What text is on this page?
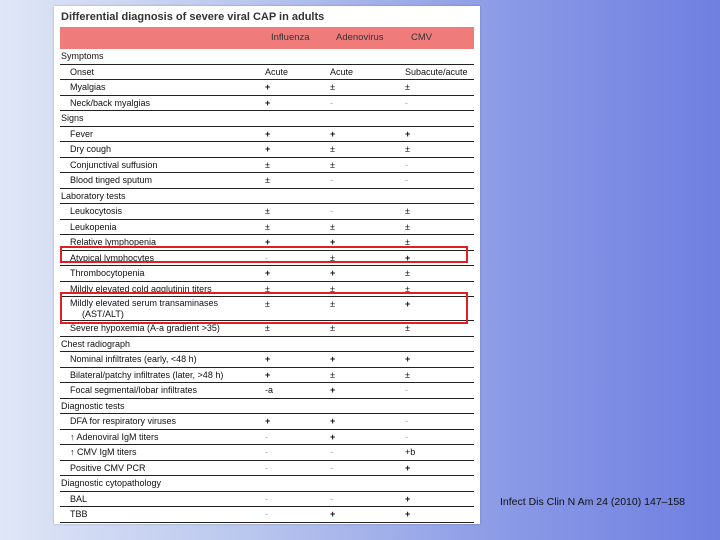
Differential diagnosis of severe viral CAP in adults
Influenza	Adenovirus	CMV
Symptoms
Onset	Acute	Acute	Subacute/acute
Myalgias	+	±	±
Neck/back myalgias	+	-	-
Signs
Fever	+	+	+
Dry cough	+	±	±
Conjunctival suffusion	±	±	-
Blood tinged sputum	±	-	-
Laboratory tests
Leukocytosis	±	-	±
Leukopenia	±	±	±
Relative lymphopenia	+	+	±
Atypical lymphocytes	-	±	+
Thrombocytopenia	+	+	±
Mildly elevated cold agglutinin titers	±	±	±
Mildly elevated serum transaminases
(AST/ALT)
±	±	+
Severe hypoxemia (A-a gradient >35)	±	±	±
Chest radiograph
Nominal infiltrates (early, <48 h)	+	+	+
Bilateral/patchy infiltrates (later, >48 h)	+	±	±
Focal segmental/lobar infiltrates	-a	+	-
Diagnostic tests
DFA for respiratory viruses	+	+	-
↑ Adenoviral IgM titers	-	+	-
↑ CMV IgM titers	-	-	+b
Positive CMV PCR	-	-	+
Diagnostic cytopathology
BAL	-	-	+
TBB	-	+	+
Infect Dis Clin N Am 24 (2010) 147–158
